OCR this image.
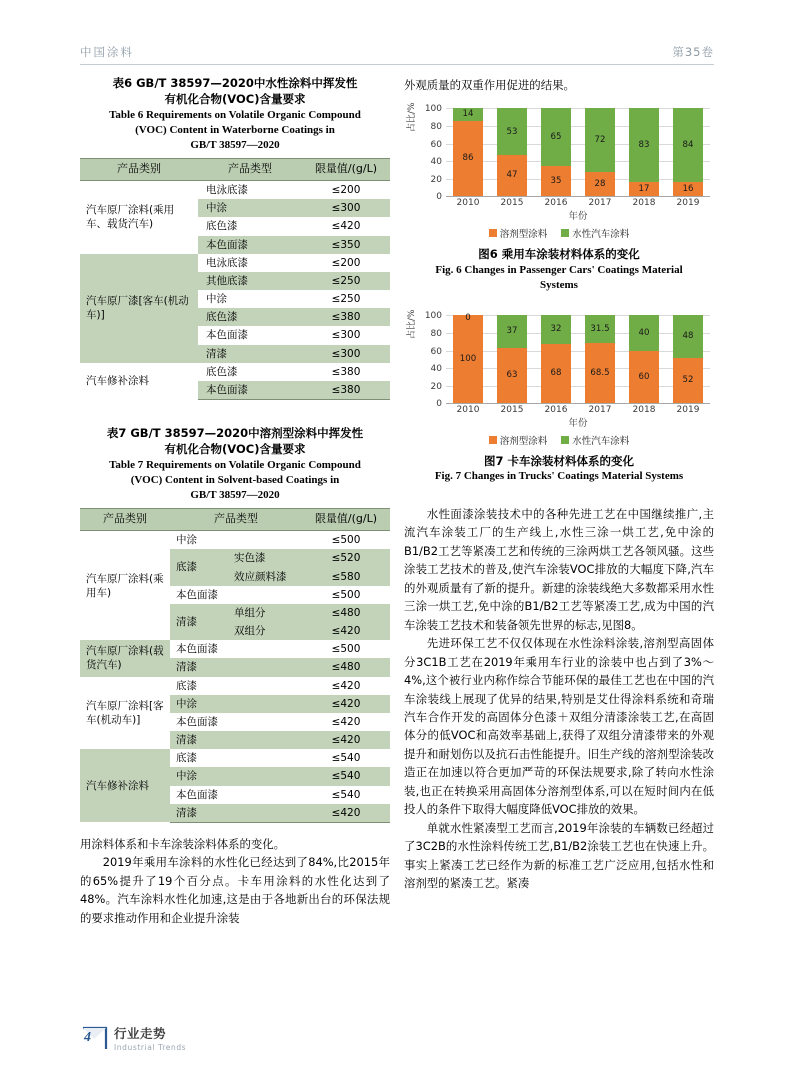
中国涂料	第35卷
表6 GB/T 38597—2020中水性涂料中挥发性
有机化合物(VOC)含量要求
Table 6 Requirements on Volatile Organic Compound
(VOC) Content in Waterborne Coatings in
GB/T 38597—2020
产品类别	产品类型	限量值/(g/L)
汽车原厂涂料(乘用车、载货汽车)	电泳底漆	≤200
	中涂	≤300
	底色漆	≤420
	本色面漆	≤350
汽车原厂漆[客车(机动车)]	电泳底漆	≤200
	其他底漆	≤250
	中涂	≤250
	底色漆	≤380
	本色面漆	≤300
	清漆	≤300
汽车修补涂料	底色漆	≤380
	本色面漆	≤380
表7 GB/T 38597—2020中溶剂型涂料中挥发性
有机化合物(VOC)含量要求
Table 7 Requirements on Volatile Organic Compound
(VOC) Content in Solvent-based Coatings in
GB/T 38597—2020
产品类别	产品类型		限量值/(g/L)
汽车原厂涂料(乘用车)	中涂		≤500
	底漆	实色漆	≤520
		效应颜料漆	≤580
	本色面漆		≤500
	清漆	单组分	≤480
		双组分	≤420
汽车原厂涂料(载货汽车)	本色面漆		≤500
	清漆		≤480
汽车原厂涂料[客车(机动车)]	底漆		≤420
	中涂		≤420
	本色面漆		≤420
	清漆		≤420
汽车修补涂料	底漆		≤540
	中涂		≤540
	本色面漆		≤540
	清漆		≤420

用涂料体系和卡车涂装涂料体系的变化。

2019年乘用车涂料的水性化已经达到了84%,比2015年的65%提升了19个百分点。卡车用涂料的水性化达到了48%。汽车涂料水性化加速,这是由于各地新出台的环保法规的要求推动作用和企业提升涂装

外观质量的双重作用促进的结果。

占比/% 100
80
60
40
20
0
14
86
53
47
65
35
72
28
83
17
84
16
2010	2015	2016	2017	2018	2019
年份
溶剂型涂料	水性汽车涂料
图6 乘用车涂装材料体系的变化
Fig. 6 Changes in Passenger Cars' Coatings Material
Systems
占比/% 100
80
60
40
20
0
0
100
37
63
32
68
31.5
68.5
40
60
48
52
2010	2015	2016	2017	2018	2019
年份
溶剂型涂料	水性汽车涂料
图7 卡车涂装材料体系的变化
Fig. 7 Changes in Trucks' Coatings Material Systems

水性面漆涂装技术中的各种先进工艺在中国继续推广,主流汽车涂装工厂的生产线上,水性三涂一烘工艺,免中涂的B1/B2工艺等紧凑工艺和传统的三涂两烘工艺各领风骚。这些涂装工艺技术的普及,使汽车涂装VOC排放的大幅度下降,汽车的外观质量有了新的提升。新建的涂装线绝大多数都采用水性三涂一烘工艺,免中涂的B1/B2工艺等紧凑工艺,成为中国的汽车涂装工艺技术和装备领先世界的标志,见图8。

先进环保工艺不仅仅体现在水性涂料涂装,溶剂型高固体分3C1B工艺在2019年乘用车行业的涂装中也占到了3%～4%,这个被行业内称作综合节能环保的最佳工艺也在中国的汽车涂装线上展现了优异的结果,特别是艾仕得涂料系统和奇瑞汽车合作开发的高固体分色漆＋双组分清漆涂装工艺,在高固体分的低VOC和高效率基础上,获得了双组分清漆带来的外观提升和耐划伤以及抗石击性能提升。旧生产线的溶剂型涂装改造正在加速以符合更加严苛的环保法规要求,除了转向水性涂装,也正在转换采用高固体分溶剂型体系,可以在短时间内在低投人的条件下取得大幅度降低VOC排放的效果。

单就水性紧凑型工艺而言,2019年涂装的车辆数已经超过了3C2B的水性涂料传统工艺,B1/B2涂装工艺也在快速上升。事实上紧凑工艺已经作为新的标准工艺广泛应用,包括水性和溶剂型的紧凑工艺。紧凑

4 行业走势
Industrial Trends
